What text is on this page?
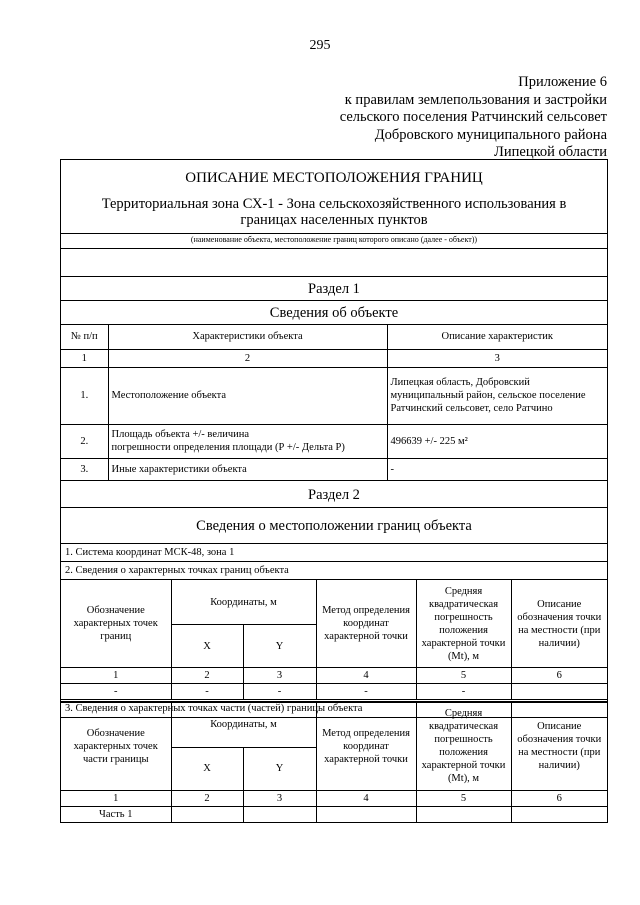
295
Приложение 6
к правилам землепользования и застройки
сельского поселения Ратчинский сельсовет
Добровского муниципального района
Липецкой области
ОПИСАНИЕ МЕСТОПОЛОЖЕНИЯ ГРАНИЦ
Территориальная зона СХ-1 - Зона сельскохозяйственного использования в
границах населенных пунктов
(наименование объекта, местоположение границ которого описано (далее - объект))
Раздел 1
Сведения об объекте
№ п/п	Характеристики объекта	Описание характеристик
1	2	3
1.	Местоположение объекта	Липецкая область, Добровский муниципальный район, сельское поселение Ратчинский сельсовет, село Ратчино
2.	Площадь объекта +/- величина
погрешности определения площади (Р +/- Дельта Р)	496639 +/- 225 м²
3.	Иные характеристики объекта	-
Раздел 2
Сведения о местоположении границ объекта
1. Система координат МСК-48, зона 1
2. Сведения о характерных точках границ объекта
Обозначение характерных точек границ	Координаты, м		Метод определения координат характерной точки	Средняя квадратическая погрешность положения характерной точки (Mt), м	Описание обозначения точки на местности (при наличии)
	X	Y			
1	2	3	4	5	6
-	-	-	-	-	
3. Сведения о характерных точках части (частей) границы объекта
Обозначение характерных точек части границы	Координаты, м		Метод определения координат характерной точки	Средняя квадратическая погрешность положения характерной точки (Mt), м	Описание обозначения точки на местности (при наличии)
	X	Y			
1	2	3	4	5	6
Часть 1					
